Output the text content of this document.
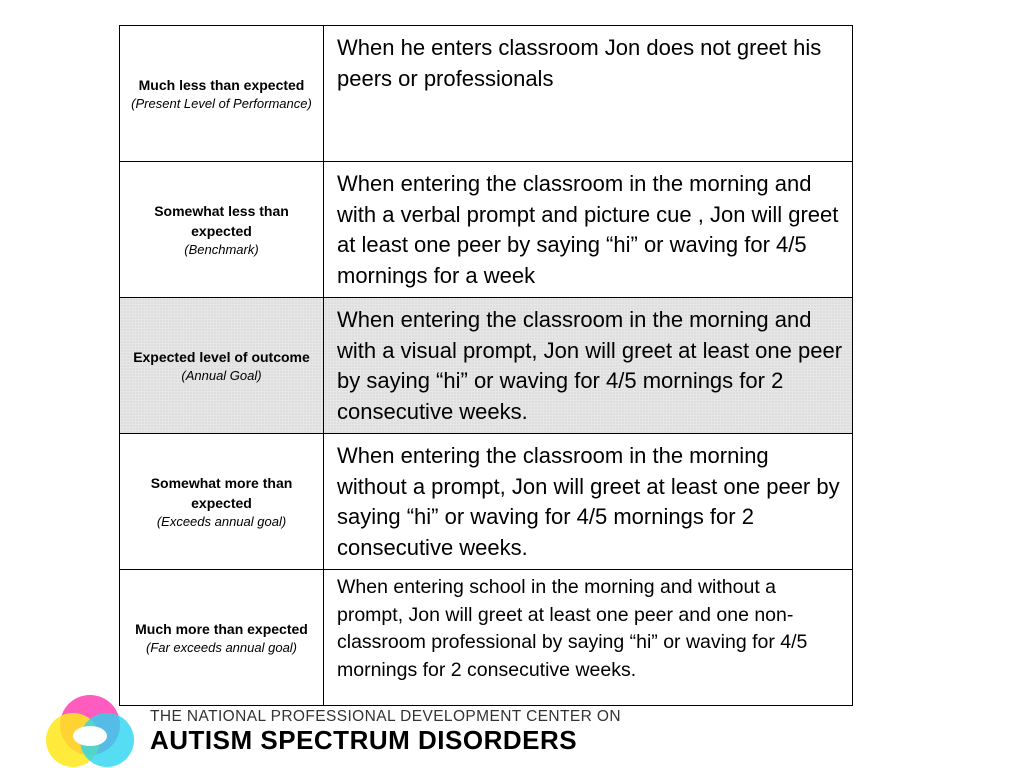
Much less than expected
(Present Level of Performance)	When he enters classroom Jon does not greet his peers or professionals

Somewhat less than expected
(Benchmark)	When entering the classroom in the morning and with a verbal prompt and picture cue , Jon will greet at least one peer by saying “hi” or waving for 4/5 mornings for a week

Expected level of outcome
(Annual Goal)	When entering the classroom in the morning and with a visual prompt, Jon will greet at least one peer by saying “hi” or waving for 4/5 mornings for 2 consecutive weeks.

Somewhat more than expected
(Exceeds annual goal)	When entering the classroom in the morning without a prompt, Jon will greet at least one peer by saying “hi” or waving for 4/5 mornings for 2 consecutive weeks.

Much more than expected
(Far exceeds annual goal)	When entering school in the morning and without a prompt, Jon will greet at least one peer and one non-classroom professional by saying “hi” or waving for 4/5 mornings for 2 consecutive weeks.
THE NATIONAL PROFESSIONAL DEVELOPMENT CENTER ON
AUTISM SPECTRUM DISORDERS
